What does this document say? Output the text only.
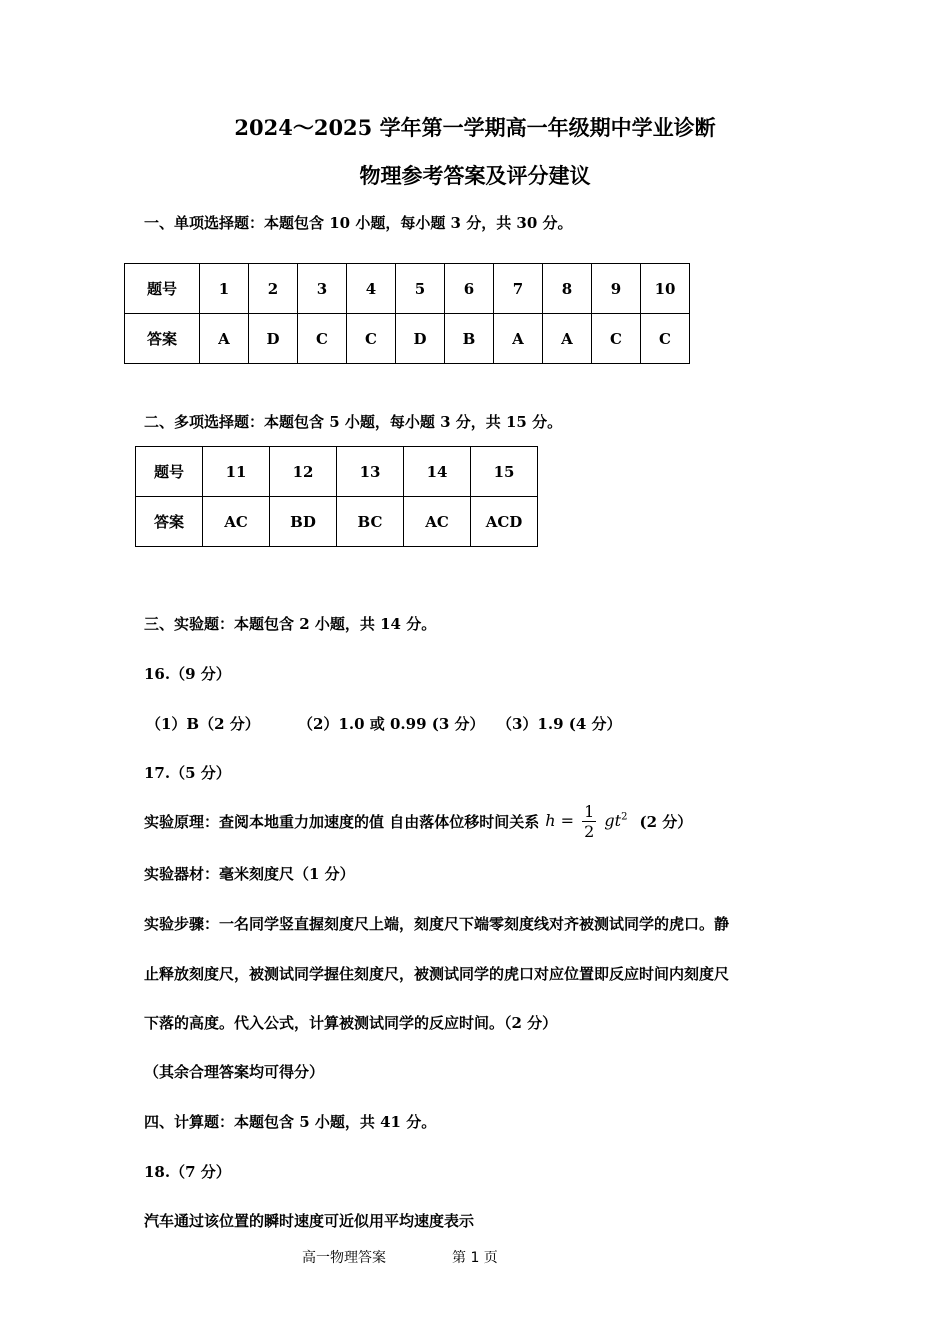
2024～2025 学年第一学期高一年级期中学业诊断
物理参考答案及评分建议
一、单项选择题：本题包含 10 小题，每小题 3 分，共 30 分。
题号	1	2	3	4	5	6	7	8	9	10
答案	A	D	C	C	D	B	A	A	C	C
二、多项选择题：本题包含 5 小题，每小题 3 分，共 15 分。
题号	11	12	13	14	15
答案	AC	BD	BC	AC	ACD
三、实验题：本题包含 2 小题，共 14 分。
16.（9 分）
（1）B（2 分）	（2）1.0 或 0.99 (3 分） （3）1.9 (4 分）
17.（5 分）
实验原理：查阅本地重力加速度的值 自由落体位移时间关系 $h = \frac{1}{2} gt^2$ (2 分）
实验器材：毫米刻度尺（1 分）
实验步骤：一名同学竖直握刻度尺上端，刻度尺下端零刻度线对齐被测试同学的虎口。静
止释放刻度尺，被测试同学握住刻度尺，被测试同学的虎口对应位置即反应时间内刻度尺
下落的高度。代入公式，计算被测试同学的反应时间。（2 分）
（其余合理答案均可得分）
四、计算题：本题包含 5 小题，共 41 分。
18.（7 分）
汽车通过该位置的瞬时速度可近似用平均速度表示
高一物理答案	第 1 页
